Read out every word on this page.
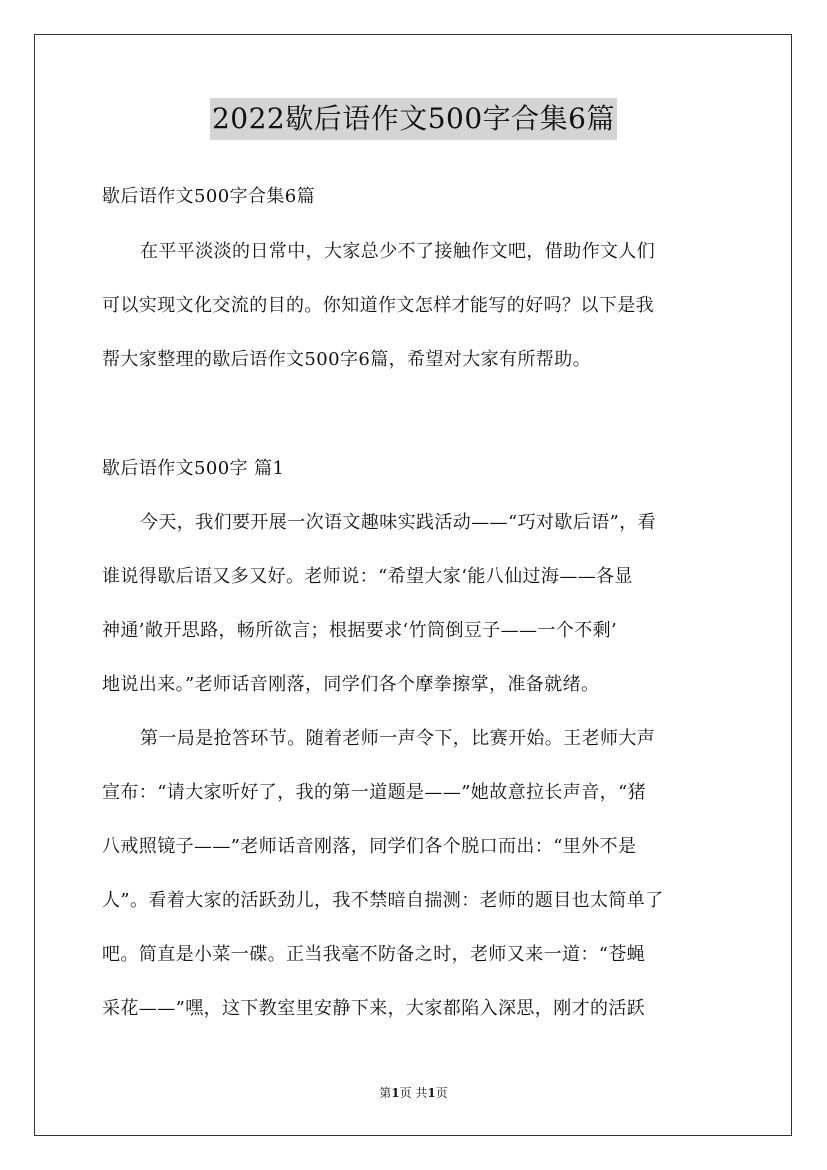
2022歇后语作文500字合集6篇
歇后语作文500字合集6篇
在平平淡淡的日常中，大家总少不了接触作文吧，借助作文人们
可以实现文化交流的目的。你知道作文怎样才能写的好吗？以下是我
帮大家整理的歇后语作文500字6篇，希望对大家有所帮助。
歇后语作文500字 篇1
今天，我们要开展一次语文趣味实践活动——“巧对歇后语”，看
谁说得歇后语又多又好。老师说：“希望大家‘能八仙过海——各显
神通’敞开思路，畅所欲言；根据要求‘竹筒倒豆子——一个不剩’
地说出来。”老师话音刚落，同学们各个摩拳擦掌，准备就绪。
第一局是抢答环节。随着老师一声令下，比赛开始。王老师大声
宣布：“请大家听好了，我的第一道题是——”她故意拉长声音，“猪
八戒照镜子——”老师话音刚落，同学们各个脱口而出：“里外不是
人”。看着大家的活跃劲儿，我不禁暗自揣测：老师的题目也太简单了
吧。简直是小菜一碟。正当我毫不防备之时，老师又来一道：“苍蝇
采花——”嘿，这下教室里安静下来，大家都陷入深思，刚才的活跃
第1页 共1页
